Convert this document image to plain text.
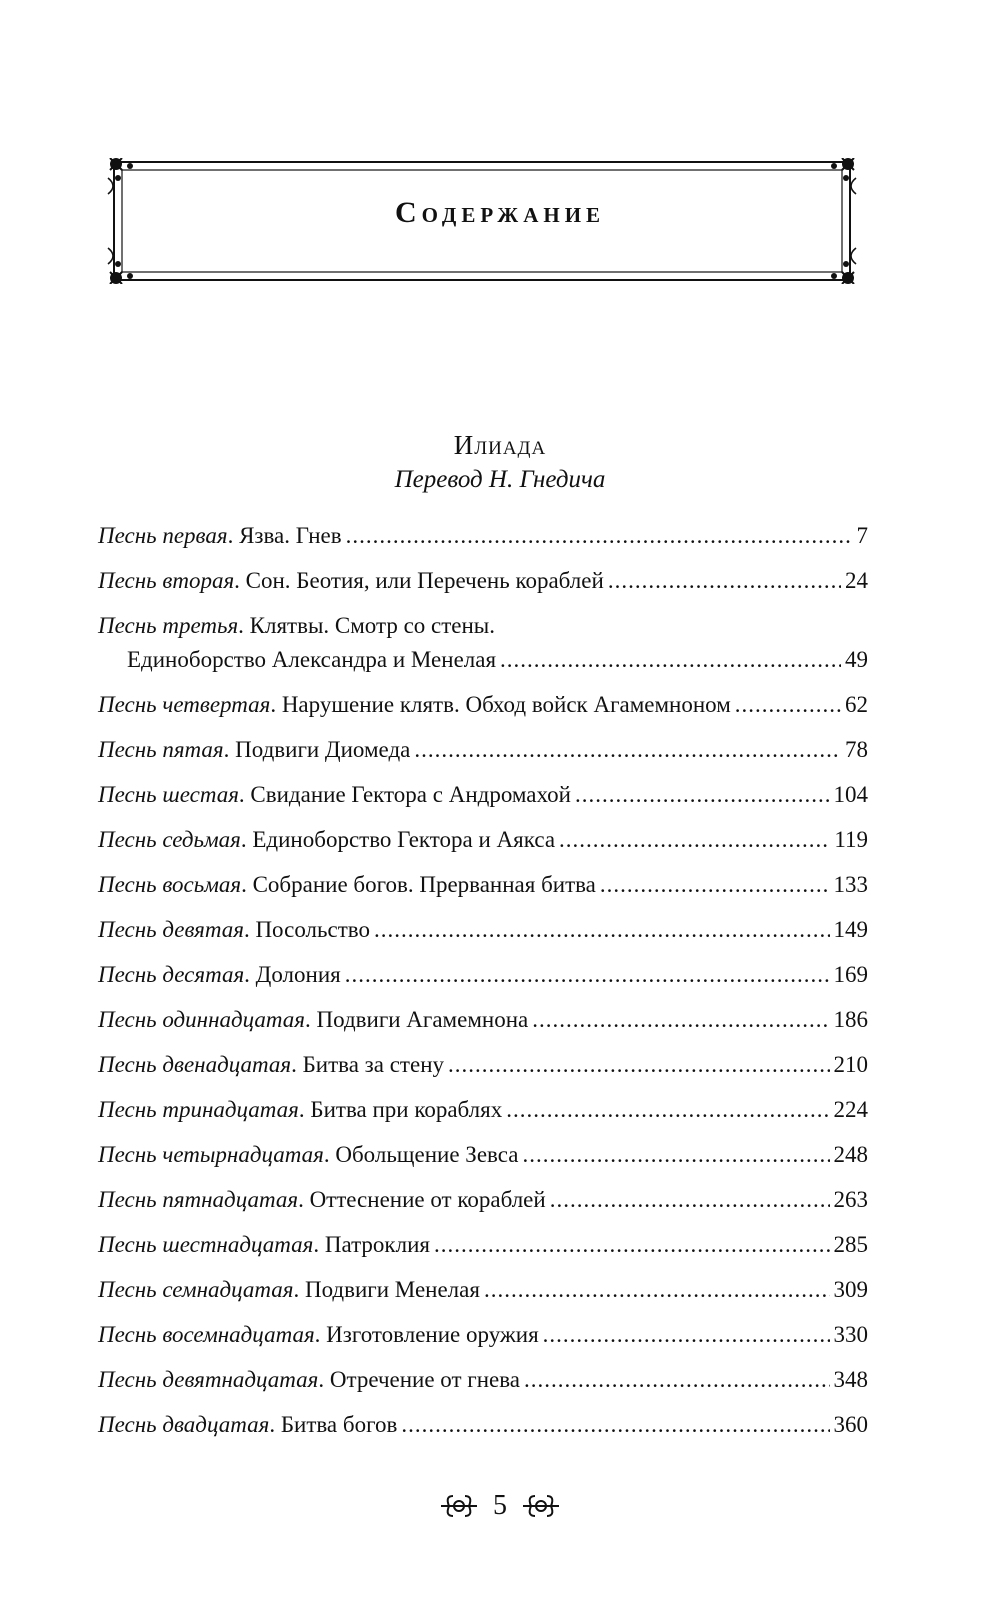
Содержание
Илиада
Перевод Н. Гнедича
Песнь первая . Язва. Гнев .....	7
Песнь вторая . Сон. Беотия, или Перечень кораблей .....	24
Песнь третья . Клятвы. Смотр со стены.
Единоборство Александра и Менелая .....	49
Песнь четвертая . Нарушение клятв. Обход войск Агамемноном .....	62
Песнь пятая . Подвиги Диомеда .....	78
Песнь шестая . Свидание Гектора с Андромахой .....	104
Песнь седьмая . Единоборство Гектора и Аякса .....	119
Песнь восьмая . Собрание богов. Прерванная битва .....	133
Песнь девятая . Посольство .....	149
Песнь десятая . Долония .....	169
Песнь одиннадцатая . Подвиги Агамемнона .....	186
Песнь двенадцатая . Битва за стену .....	210
Песнь тринадцатая . Битва при кораблях .....	224
Песнь четырнадцатая . Обольщение Зевса .....	248
Песнь пятнадцатая . Оттеснение от кораблей .....	263
Песнь шестнадцатая . Патроклия .....	285
Песнь семнадцатая . Подвиги Менелая .....	309
Песнь восемнадцатая . Изготовление оружия .....	330
Песнь девятнадцатая . Отречение от гнева .....	348
Песнь двадцатая . Битва богов .....	360
5
